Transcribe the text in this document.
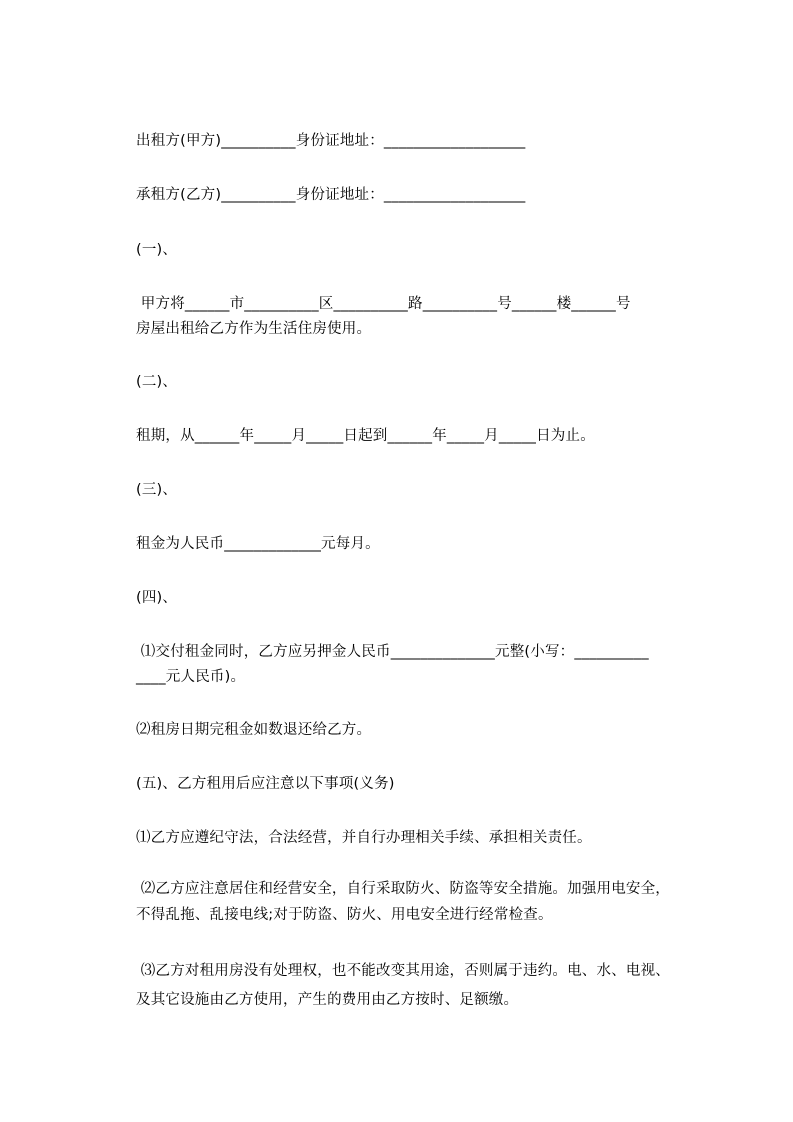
出租方(甲方)__________身份证地址：___________________

承租方(乙方)__________身份证地址：___________________

(一)、

甲方将______市__________区__________路__________号______楼______号

房屋出租给乙方作为生活住房使用。

(二)、

租期，从______年_____月_____日起到______年_____月_____日为止。

(三)、

租金为人民币_____________元每月。

(四)、

⑴交付租金同时，乙方应另押金人民币______________元整(小写：__________

____元人民币)。

⑵租房日期完租金如数退还给乙方。

(五)、乙方租用后应注意以下事项(义务)

⑴乙方应遵纪守法，合法经营，并自行办理相关手续、承担相关责任。

⑵乙方应注意居住和经营安全，自行采取防火、防盗等安全措施。加强用电安全，

不得乱拖、乱接电线;对于防盗、防火、用电安全进行经常检查。

⑶乙方对租用房没有处理权，也不能改变其用途，否则属于违约。电、水、电视、

及其它设施由乙方使用，产生的费用由乙方按时、足额缴。
